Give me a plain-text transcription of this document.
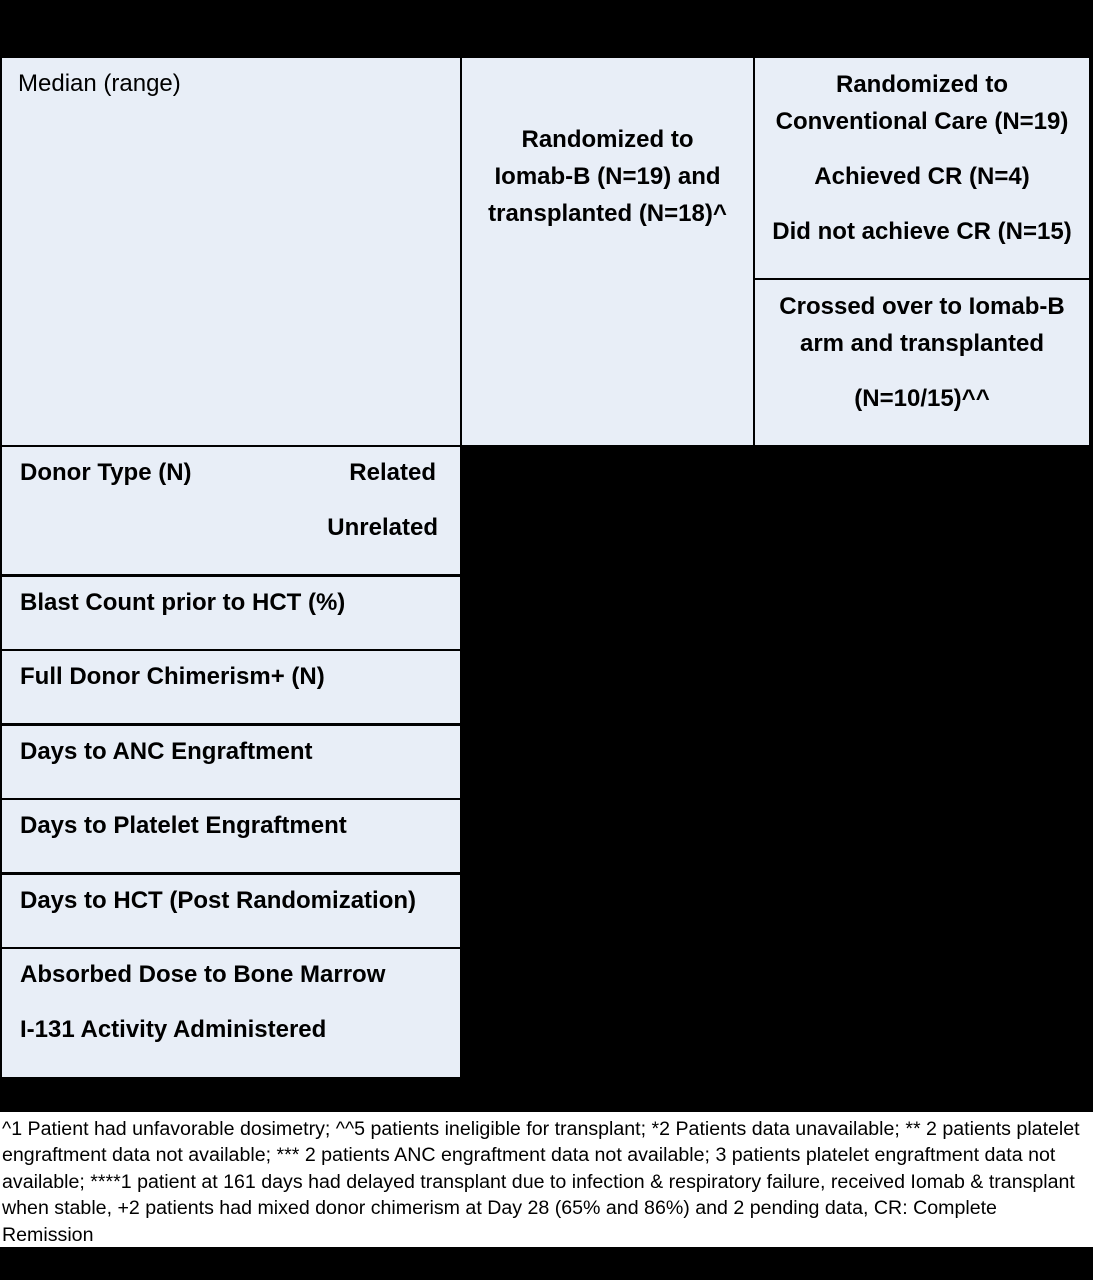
Median (range)
Randomized to
Iomab-B (N=19) and
transplanted (N=18)^
Randomized to
Conventional Care (N=19)
Achieved CR (N=4)
Did not achieve CR (N=15)
Crossed over to Iomab-B
arm and transplanted
(N=10/15)^^
Donor Type (N)	Related
Unrelated
Blast Count prior to HCT (%)
Full Donor Chimerism+ (N)
Days to ANC Engraftment
Days to Platelet Engraftment
Days to HCT (Post Randomization)
Absorbed Dose to Bone Marrow
I-131 Activity Administered
^1 Patient had unfavorable dosimetry; ^^5 patients ineligible for transplant; *2 Patients data unavailable; ** 2 patients platelet engraftment data not available; *** 2 patients ANC engraftment data not available; 3 patients platelet engraftment data not available; ****1 patient at 161 days had delayed transplant due to infection & respiratory failure, received Iomab & transplant when stable, +2 patients had mixed donor chimerism at Day 28 (65% and 86%) and 2 pending data, CR: Complete Remission
